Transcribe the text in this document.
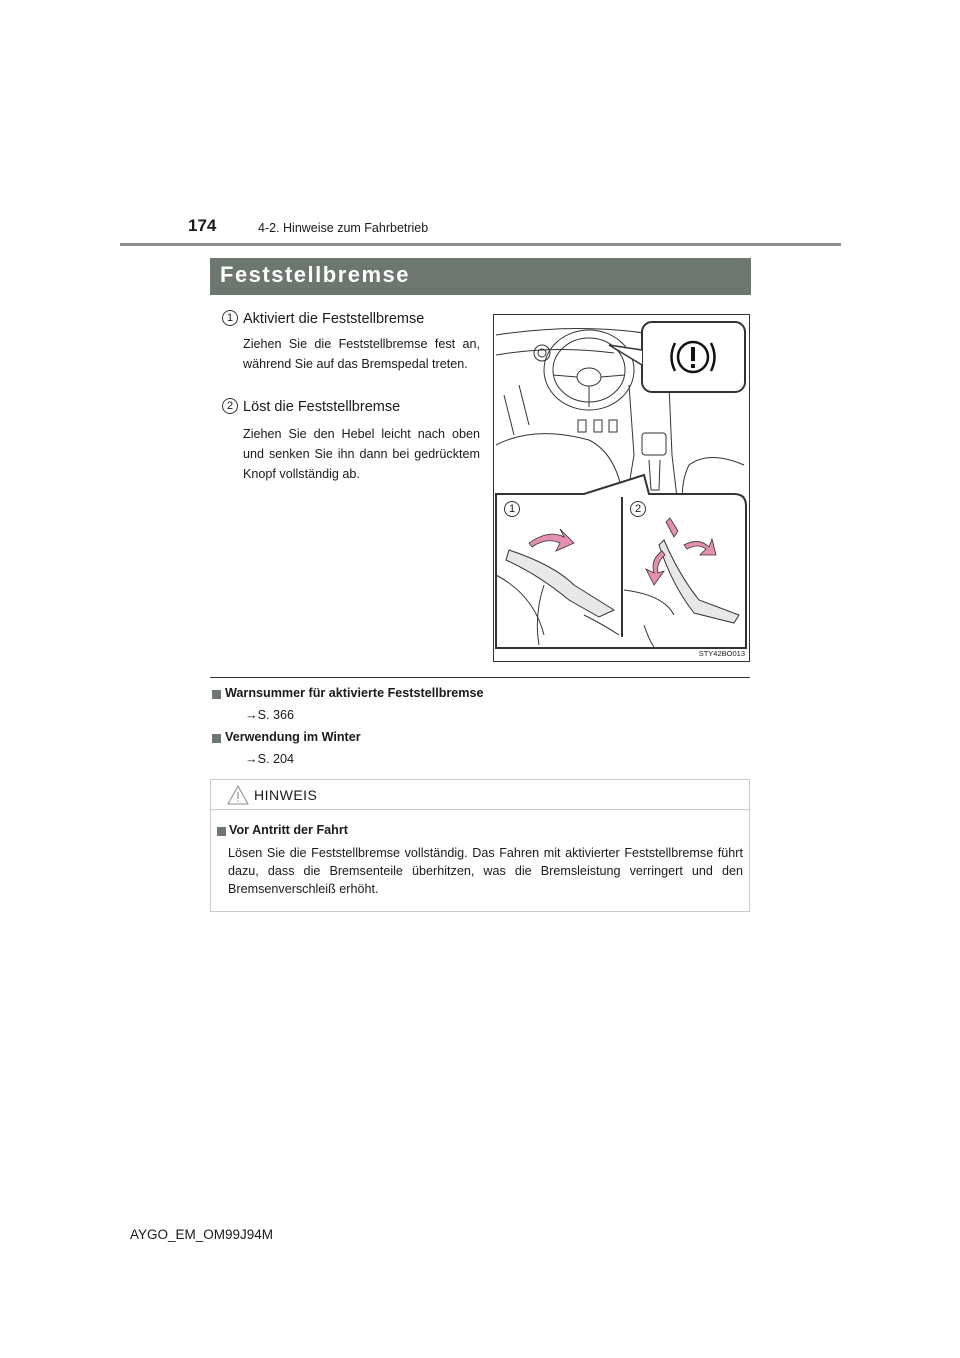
174	4-2. Hinweise zum Fahrbetrieb
Feststellbremse
1 Aktiviert die Feststellbremse
Ziehen Sie die Feststellbremse fest an, während Sie auf das Bremspedal treten.
2 Löst die Feststellbremse
Ziehen Sie den Hebel leicht nach oben und senken Sie ihn dann bei gedrücktem Knopf vollständig ab.
1	2
STY42BO013
Warnsummer für aktivierte Feststellbremse
→S. 366
Verwendung im Winter
→S. 204
HINWEIS
Vor Antritt der Fahrt
Lösen Sie die Feststellbremse vollständig. Das Fahren mit aktivierter Feststellbremse führt dazu, dass die Bremsenteile überhitzen, was die Bremsleistung verringert und den Bremsenverschleiß erhöht.
AYGO_EM_OM99J94M
